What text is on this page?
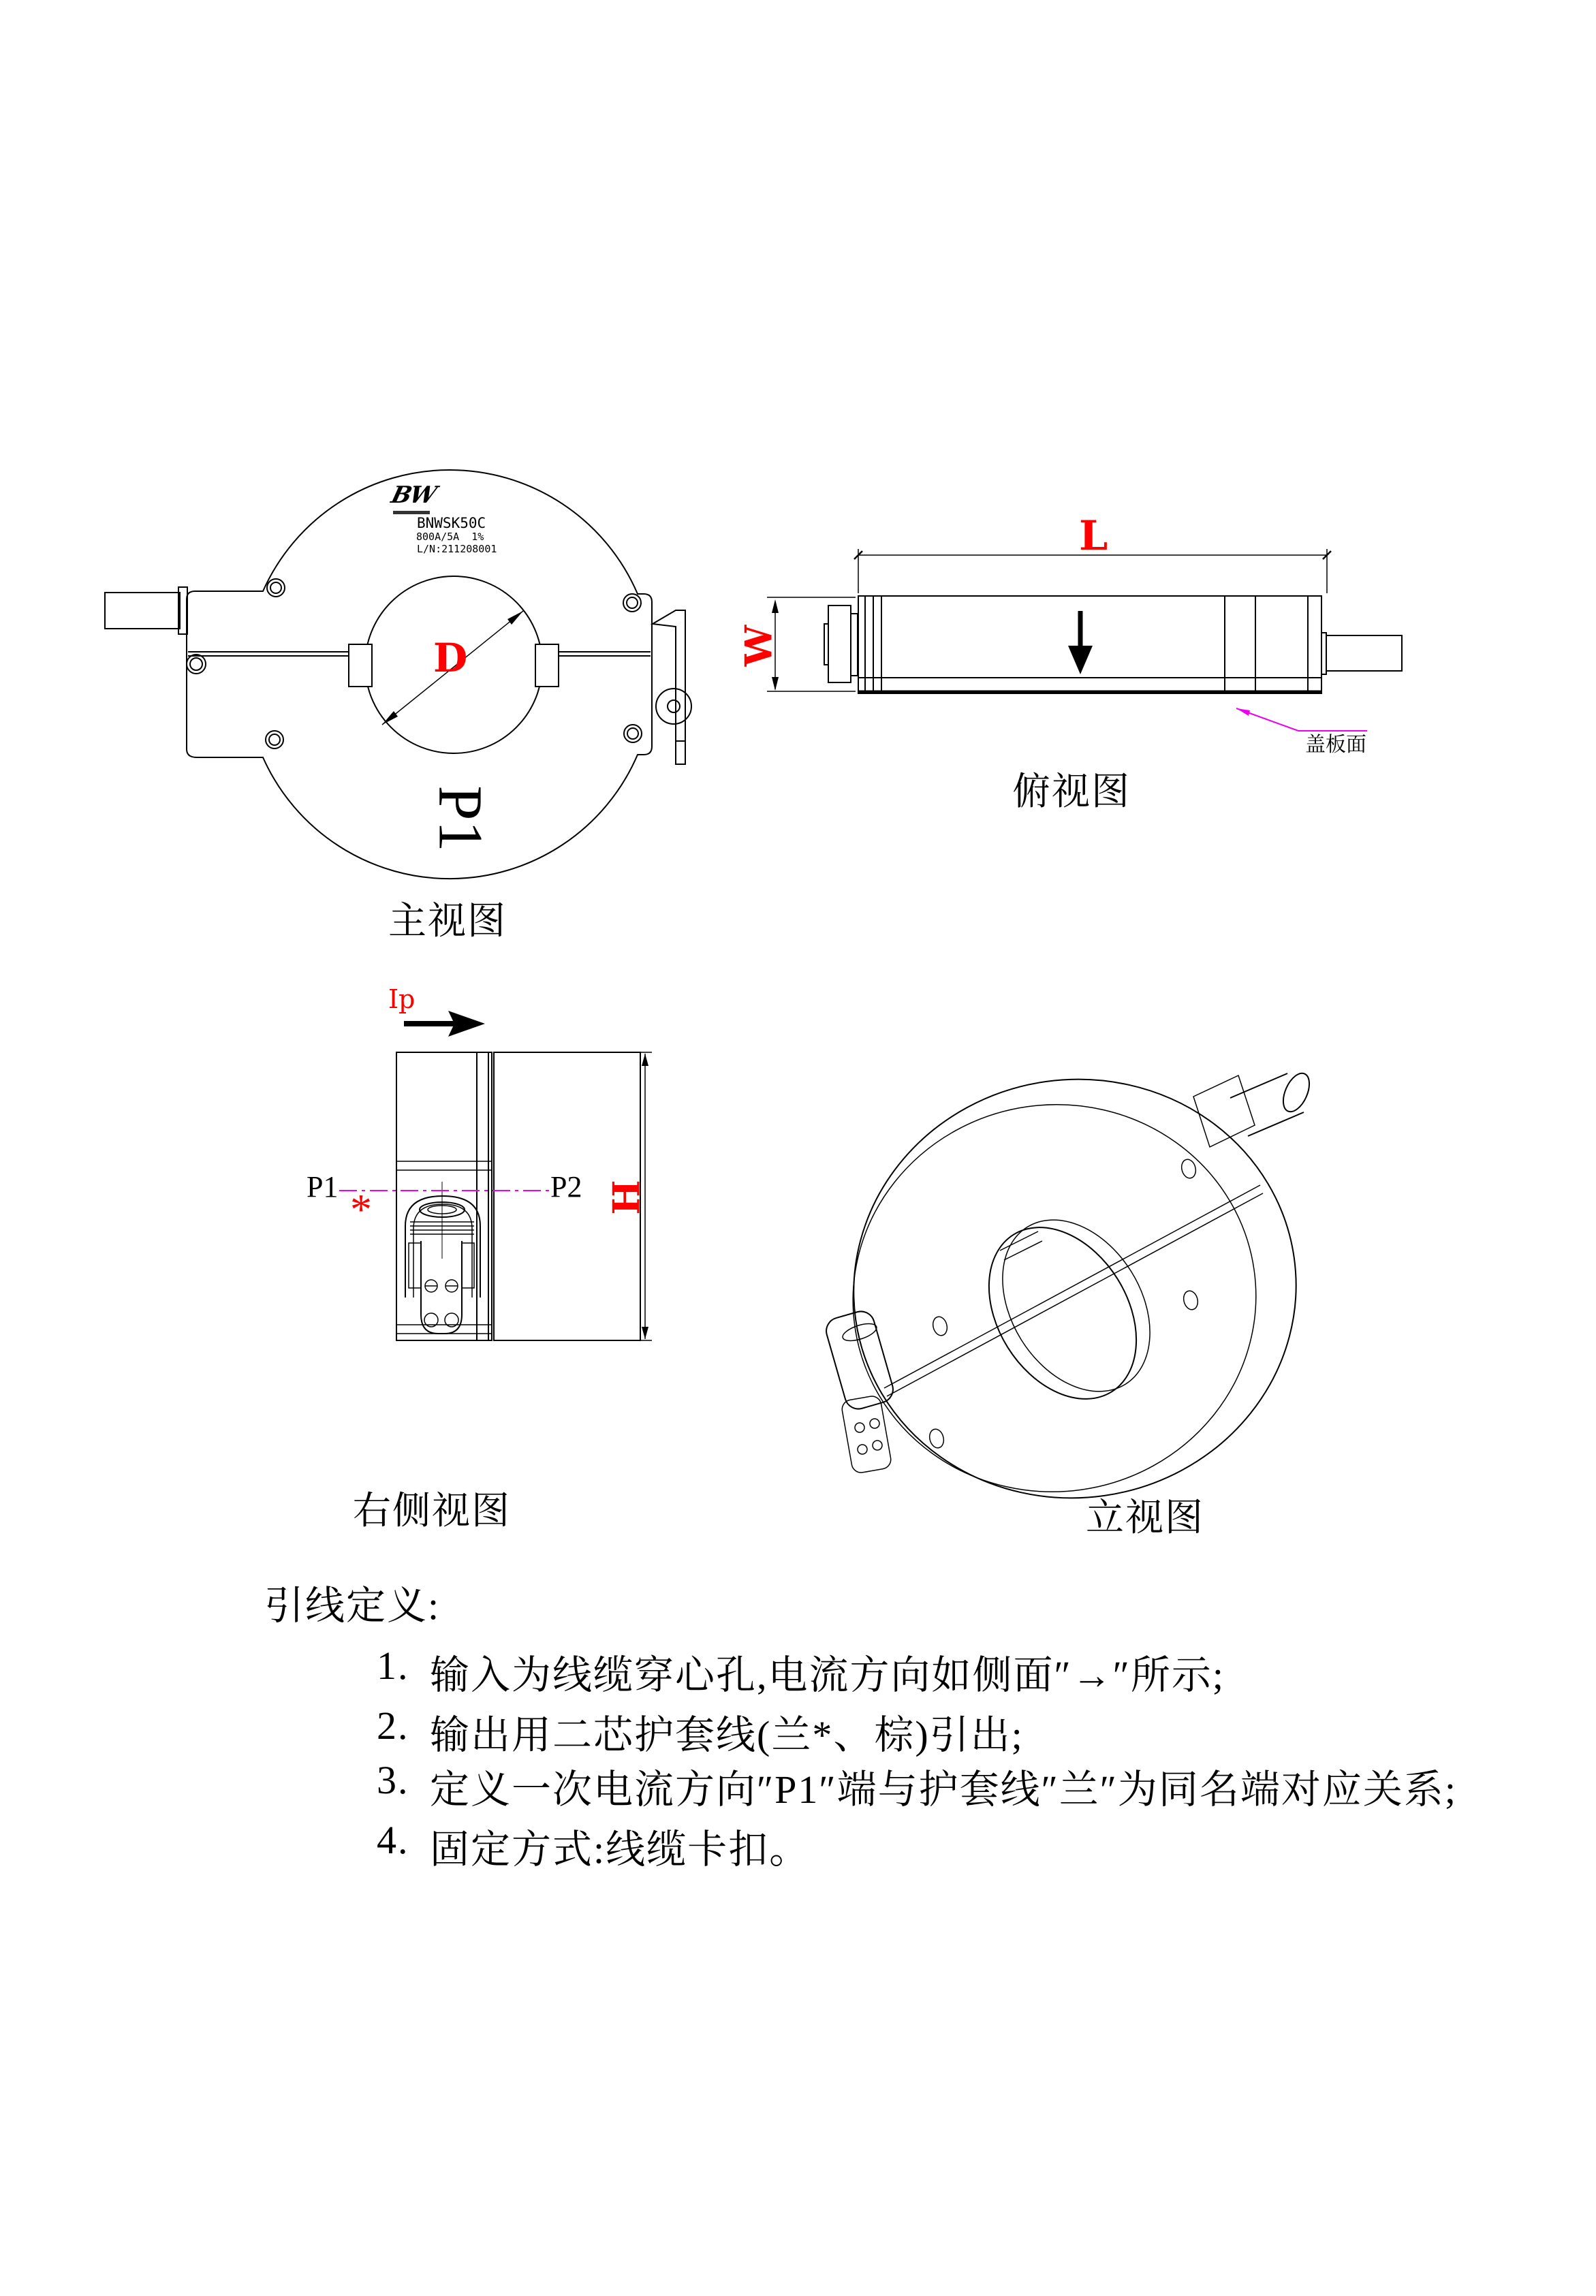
BW
BNWSK50C
800A/5A  1%
L/N:211208001
D
P1
主视图
L
W
盖板面
俯视图
Ip
P1	P2
*	H
右侧视图	立视图
引线定义:
1. 输入为线缆穿心孔,电流方向如侧面″→″所示;
2. 输出用二芯护套线(兰*、棕)引出;
3. 定义一次电流方向″P1″端与护套线″兰″为同名端对应关系;
4. 固定方式:线缆卡扣。
